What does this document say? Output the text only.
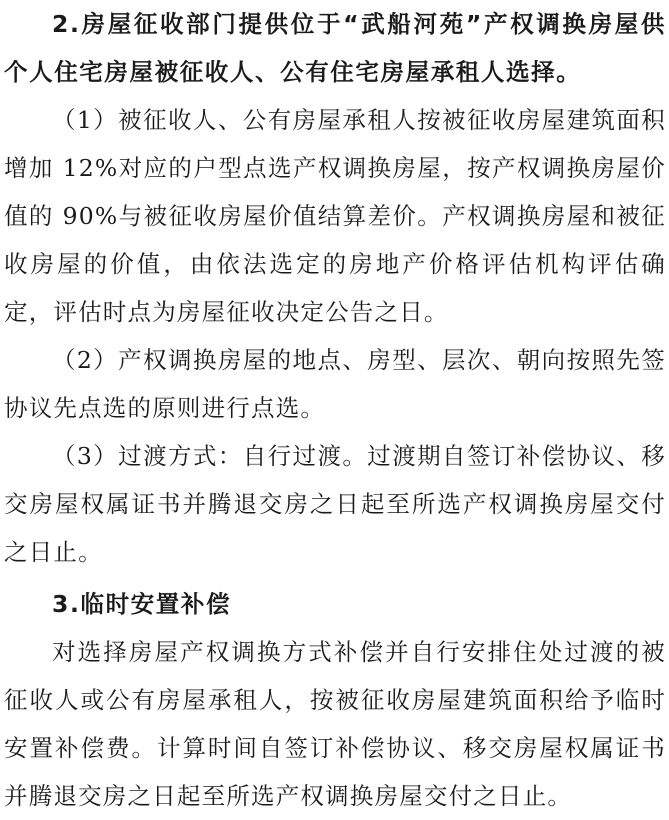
2.房屋征收部门提供位于“武船河苑”产权调换房屋供个人住宅房屋被征收人、公有住宅房屋承租人选择。

（1）被征收人、公有房屋承租人按被征收房屋建筑面积增加 12%对应的户型点选产权调换房屋，按产权调换房屋价值的 90%与被征收房屋价值结算差价。产权调换房屋和被征收房屋的价值，由依法选定的房地产价格评估机构评估确定，评估时点为房屋征收决定公告之日。

（2）产权调换房屋的地点、房型、层次、朝向按照先签协议先点选的原则进行点选。

（3）过渡方式：自行过渡。过渡期自签订补偿协议、移交房屋权属证书并腾退交房之日起至所选产权调换房屋交付之日止。

3.临时安置补偿

对选择房屋产权调换方式补偿并自行安排住处过渡的被征收人或公有房屋承租人，按被征收房屋建筑面积给予临时安置补偿费。计算时间自签订补偿协议、移交房屋权属证书并腾退交房之日起至所选产权调换房屋交付之日止。
